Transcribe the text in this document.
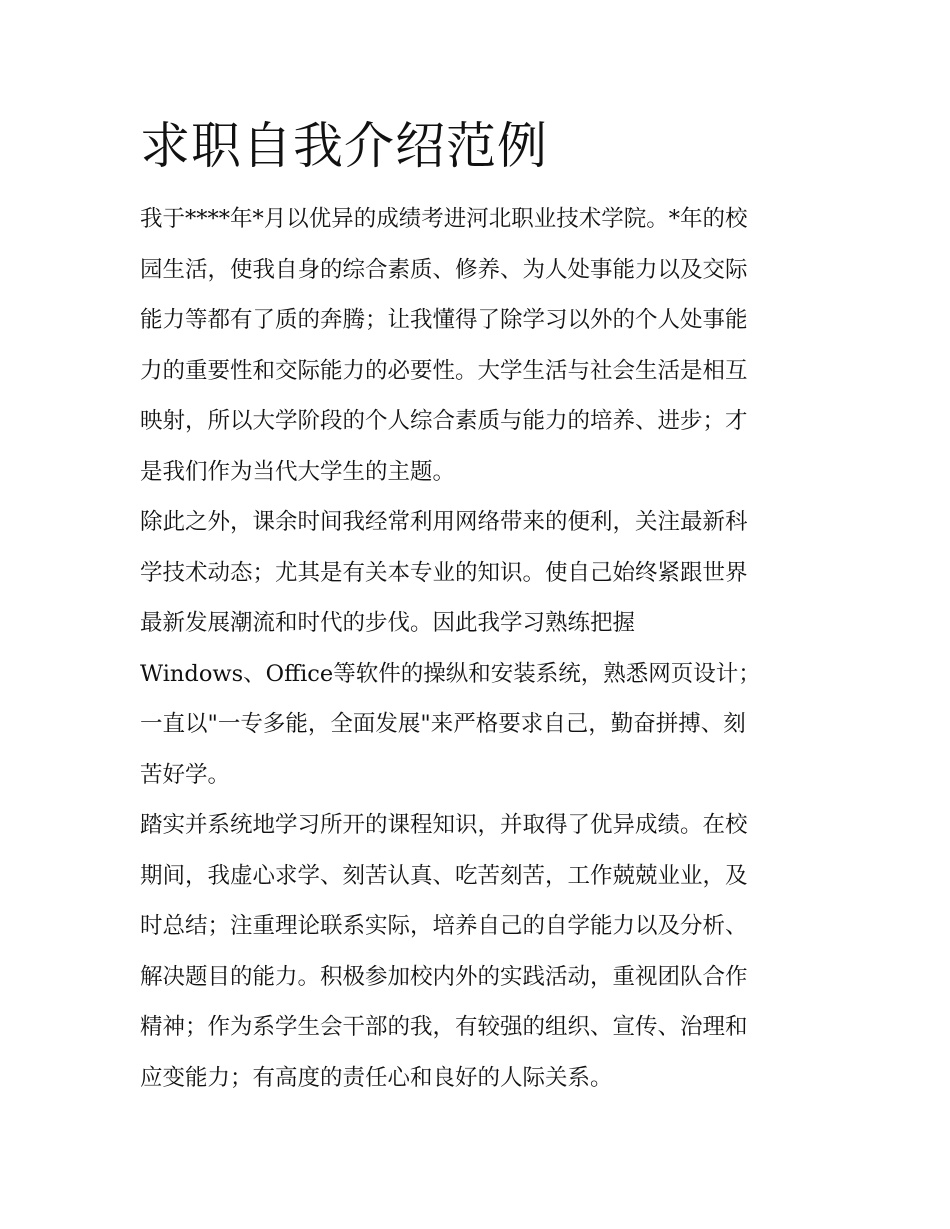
求职自我介绍范例

我于****年*月以优异的成绩考进河北职业技术学院。*年的校
园生活，使我自身的综合素质、修养、为人处事能力以及交际
能力等都有了质的奔腾；让我懂得了除学习以外的个人处事能
力的重要性和交际能力的必要性。大学生活与社会生活是相互
映射，所以大学阶段的个人综合素质与能力的培养、进步；才
是我们作为当代大学生的主题。

除此之外，课余时间我经常利用网络带来的便利，关注最新科
学技术动态；尤其是有关本专业的知识。使自己始终紧跟世界
最新发展潮流和时代的步伐。因此我学习熟练把握
Windows、Office等软件的操纵和安装系统，熟悉网页设计；
一直以"一专多能，全面发展"来严格要求自己，勤奋拼搏、刻
苦好学。

踏实并系统地学习所开的课程知识，并取得了优异成绩。在校
期间，我虚心求学、刻苦认真、吃苦刻苦，工作兢兢业业，及
时总结；注重理论联系实际，培养自己的自学能力以及分析、
解决题目的能力。积极参加校内外的实践活动，重视团队合作
精神；作为系学生会干部的我，有较强的组织、宣传、治理和
应变能力；有高度的责任心和良好的人际关系。
